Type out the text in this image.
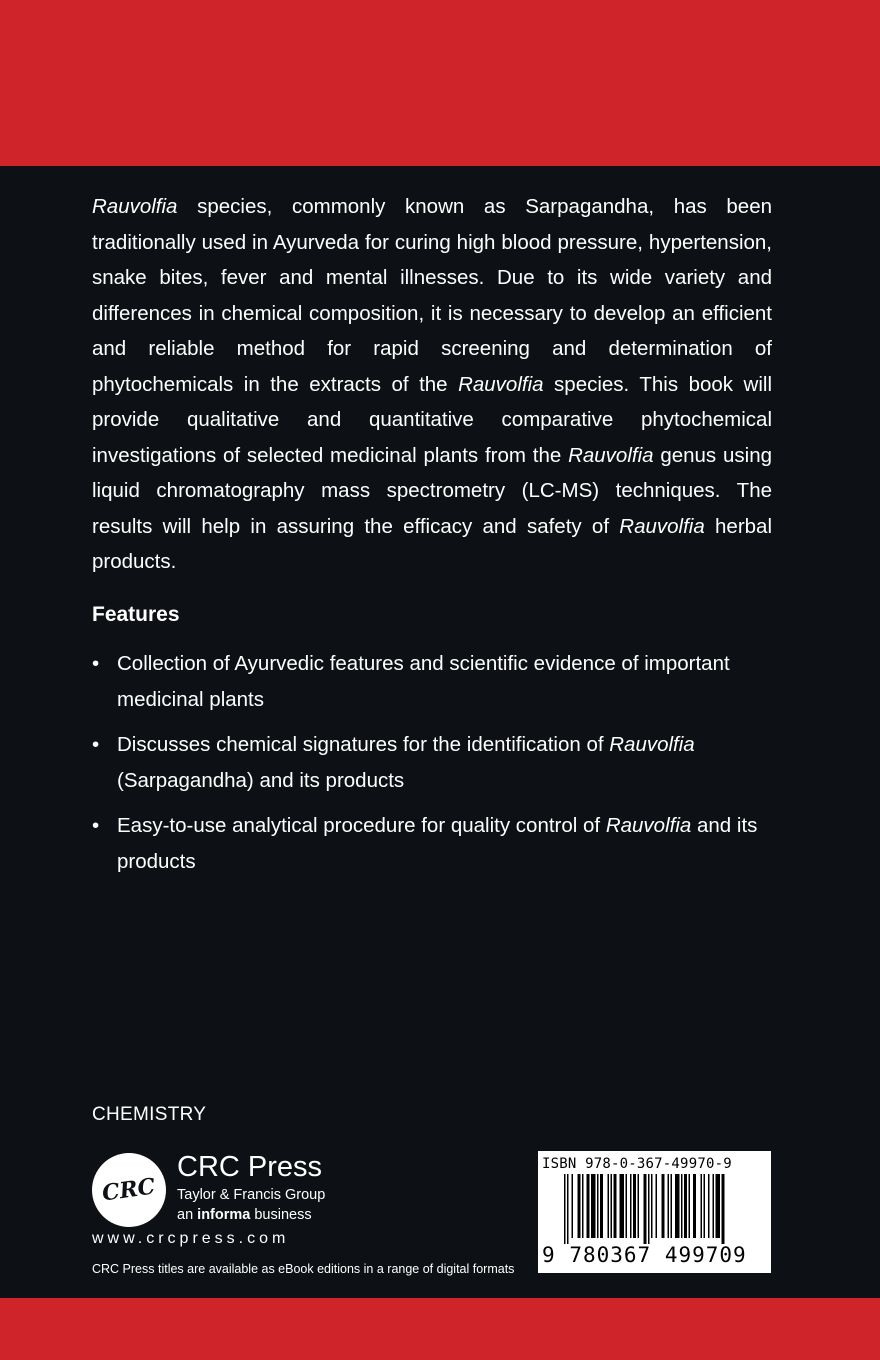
Rauvolfia species, commonly known as Sarpagandha, has been traditionally used in Ayurveda for curing high blood pressure, hypertension, snake bites, fever and mental illnesses. Due to its wide variety and differences in chemical composition, it is necessary to develop an efficient and reliable method for rapid screening and determination of phytochemicals in the extracts of the Rauvolfia species. This book will provide qualitative and quantitative comparative phytochemical investigations of selected medicinal plants from the Rauvolfia genus using liquid chromatography mass spectrometry (LC-MS) techniques. The results will help in assuring the efficacy and safety of Rauvolfia herbal products.

Features
• Collection of Ayurvedic features and scientific evidence of important medicinal plants
• Discusses chemical signatures for the identification of Rauvolfia (Sarpagandha) and its products
• Easy-to-use analytical procedure for quality control of Rauvolfia and its products
CHEMISTRY
CRC
CRC Press
Taylor & Francis Group
an informa business
www.crcpress.com
CRC Press titles are available as eBook editions in a range of digital formats
ISBN 978-0-367-49970-9
9 780367 499709
